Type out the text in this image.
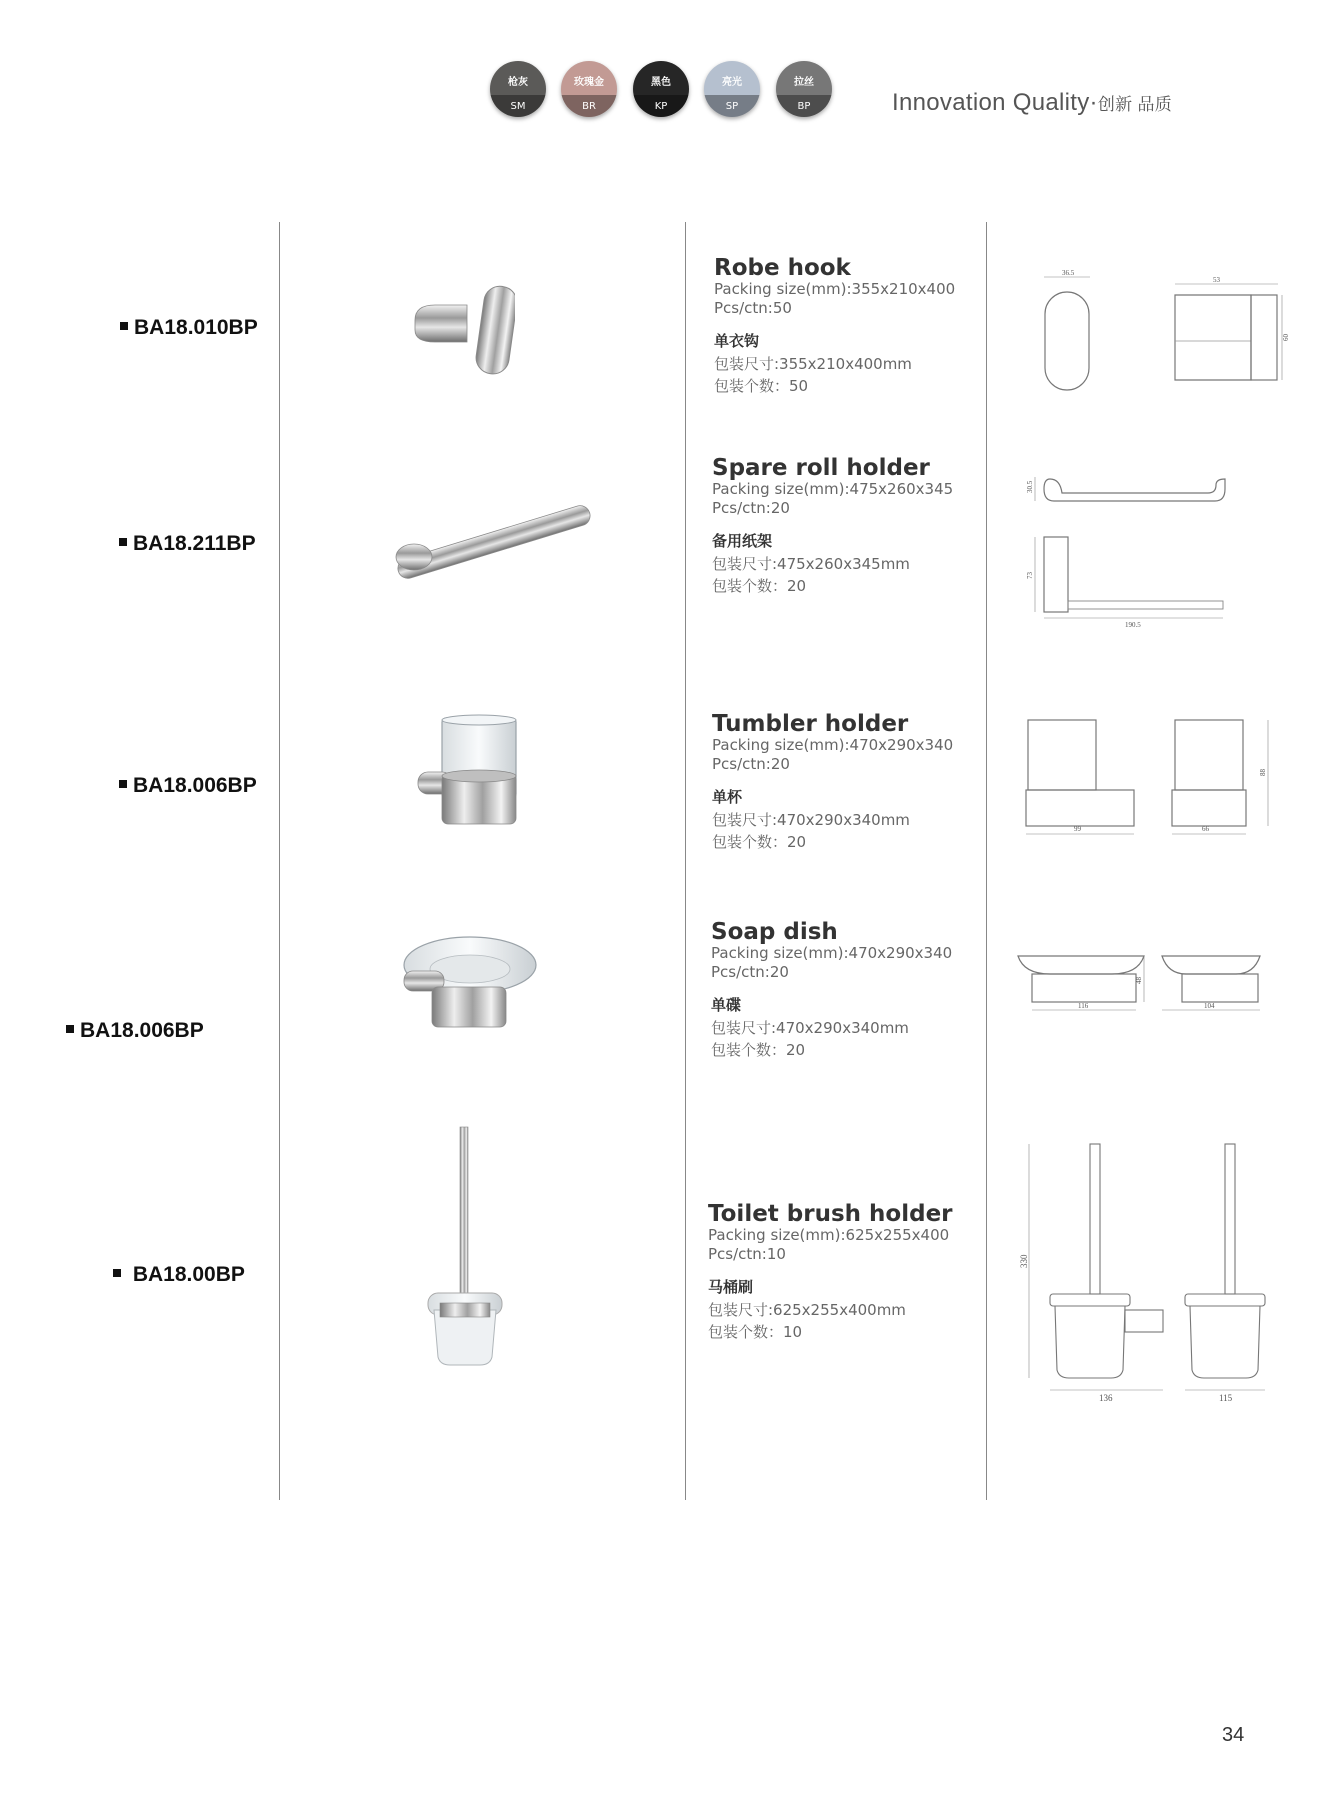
枪灰
SM
玫瑰金
BR
黑色
KP
亮光
SP
拉丝
BP	Innovation Quality·创新 品质
BA18.010BP
Robe hook
Packing size(mm):355x210x400
Pcs/ctn:50
单衣钩
包装尺寸:355x210x400mm
包装个数：50
36.5
53
60
BA18.211BP
Spare roll holder
Packing size(mm):475x260x345
Pcs/ctn:20
备用纸架
包装尺寸:475x260x345mm
包装个数：20
30.5
73
190.5
BA18.006BP
Tumbler holder
Packing size(mm):470x290x340
Pcs/ctn:20
单杯
包装尺寸:470x290x340mm
包装个数：20
99	66
88
BA18.006BP
Soap dish
Packing size(mm):470x290x340
Pcs/ctn:20
单碟
包装尺寸:470x290x340mm
包装个数：20
116
48
104
BA18.00BP
Toilet brush holder
Packing size(mm):625x255x400
Pcs/ctn:10
马桶刷
包装尺寸:625x255x400mm
包装个数：10
330
136	115
34
